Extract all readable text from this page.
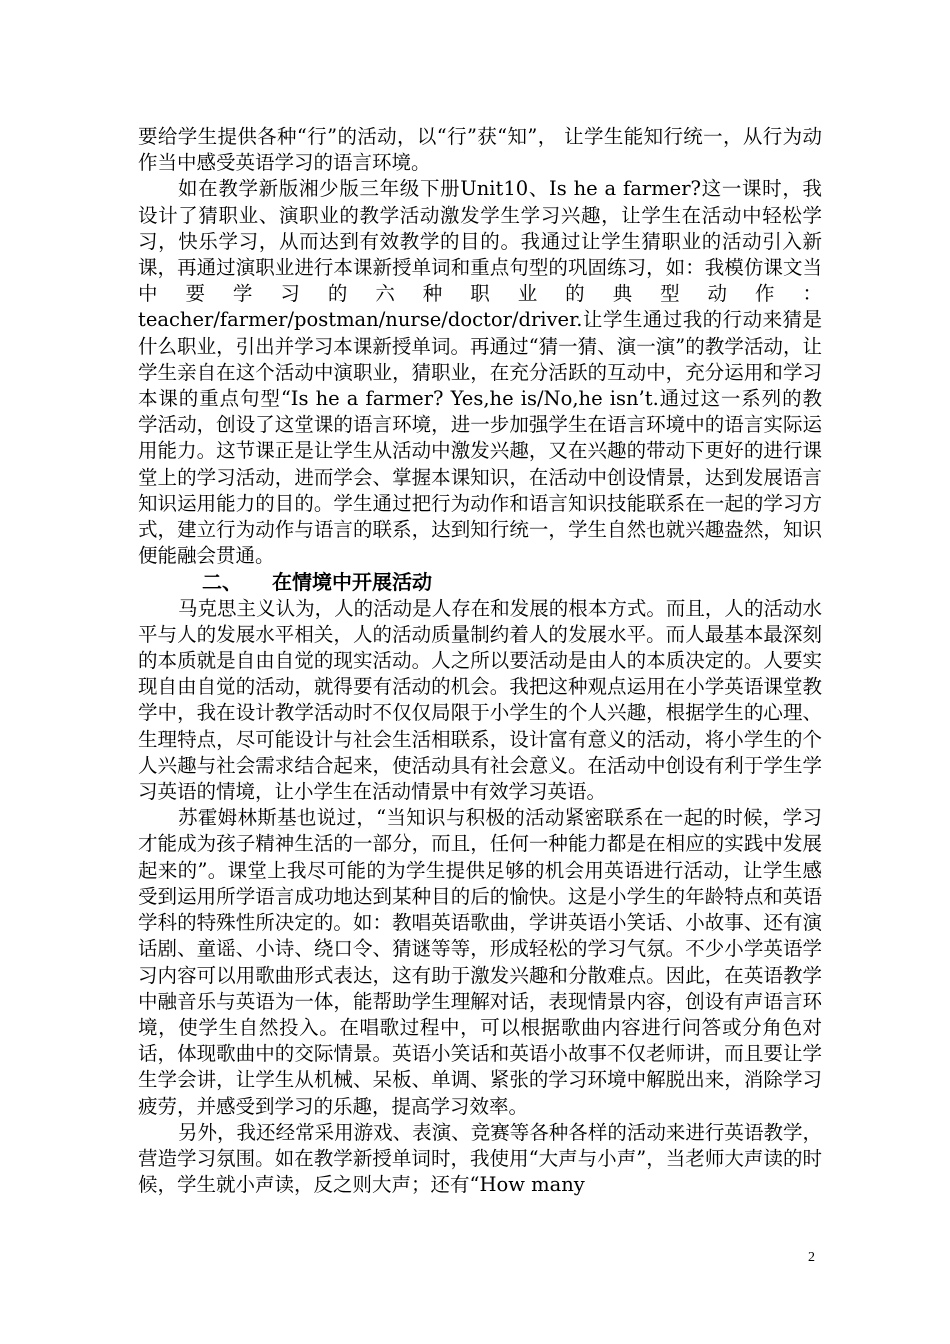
要给学生提供各种“行”的活动，以“行”获“知”， 让学生能知行统一，从行为动作当中感受英语学习的语言环境。

如在教学新版湘少版三年级下册Unit10、Is he a farmer?这一课时，我设计了猜职业、演职业的教学活动激发学生学习兴趣，让学生在活动中轻松学习，快乐学习，从而达到有效教学的目的。我通过让学生猜职业的活动引入新课，再通过演职业进行本课新授单词和重点句型的巩固练习，如：我模仿课文当中要学习的六种职业的典型动作：teacher/farmer/postman/nurse/doctor/driver.让学生通过我的行动来猜是什么职业，引出并学习本课新授单词。再通过“猜一猜、演一演”的教学活动，让学生亲自在这个活动中演职业，猜职业，在充分活跃的互动中，充分运用和学习本课的重点句型“Is he a farmer? Yes,he is/No,he isn’t.通过这一系列的教学活动，创设了这堂课的语言环境，进一步加强学生在语言环境中的语言实际运用能力。这节课正是让学生从活动中激发兴趣，又在兴趣的带动下更好的进行课堂上的学习活动，进而学会、掌握本课知识，在活动中创设情景，达到发展语言知识运用能力的目的。学生通过把行为动作和语言知识技能联系在一起的学习方式，建立行为动作与语言的联系，达到知行统一，学生自然也就兴趣盎然，知识便能融会贯通。

二、 在情境中开展活动

马克思主义认为，人的活动是人存在和发展的根本方式。而且，人的活动水平与人的发展水平相关，人的活动质量制约着人的发展水平。而人最基本最深刻的本质就是自由自觉的现实活动。人之所以要活动是由人的本质决定的。人要实现自由自觉的活动，就得要有活动的机会。我把这种观点运用在小学英语课堂教学中，我在设计教学活动时不仅仅局限于小学生的个人兴趣，根据学生的心理、生理特点，尽可能设计与社会生活相联系，设计富有意义的活动，将小学生的个人兴趣与社会需求结合起来，使活动具有社会意义。在活动中创设有利于学生学习英语的情境，让小学生在活动情景中有效学习英语。

苏霍姆林斯基也说过，“当知识与积极的活动紧密联系在一起的时候，学习才能成为孩子精神生活的一部分，而且，任何一种能力都是在相应的实践中发展起来的”。课堂上我尽可能的为学生提供足够的机会用英语进行活动，让学生感受到运用所学语言成功地达到某种目的后的愉快。这是小学生的年龄特点和英语学科的特殊性所决定的。如：教唱英语歌曲，学讲英语小笑话、小故事、还有演话剧、童谣、小诗、绕口令、猜谜等等，形成轻松的学习气氛。不少小学英语学习内容可以用歌曲形式表达，这有助于激发兴趣和分散难点。因此，在英语教学中融音乐与英语为一体，能帮助学生理解对话，表现情景内容，创设有声语言环境，使学生自然投入。在唱歌过程中，可以根据歌曲内容进行问答或分角色对话，体现歌曲中的交际情景。英语小笑话和英语小故事不仅老师讲，而且要让学生学会讲，让学生从机械、呆板、单调、紧张的学习环境中解脱出来，消除学习疲劳，并感受到学习的乐趣，提高学习效率。

另外，我还经常采用游戏、表演、竞赛等各种各样的活动来进行英语教学，营造学习氛围。如在教学新授单词时，我使用“大声与小声”，当老师大声读的时候，学生就小声读，反之则大声；还有“How many

2
